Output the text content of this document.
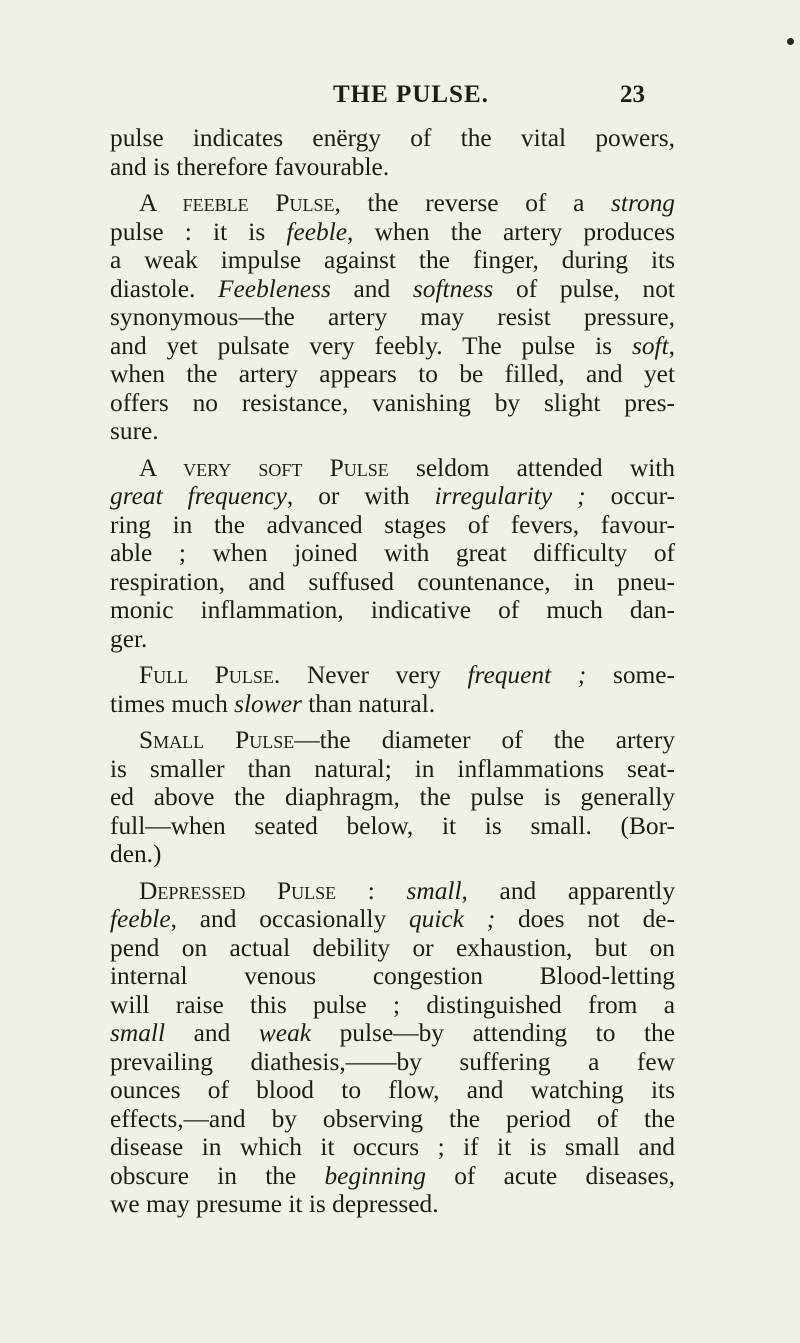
THE PULSE.	23
pulse indicates enërgy of the vital powers,
and is therefore favourable.
A feeble Pulse, the reverse of a strong
pulse : it is feeble, when the artery produces
a weak impulse against the finger, during its
diastole. Feebleness and softness of pulse, not
synonymous—the artery may resist pressure,
and yet pulsate very feebly. The pulse is soft,
when the artery appears to be filled, and yet
offers no resistance, vanishing by slight pres-
sure.
A very soft Pulse seldom attended with
great frequency, or with irregularity ; occur-
ring in the advanced stages of fevers, favour-
able ; when joined with great difficulty of
respiration, and suffused countenance, in pneu-
monic inflammation, indicative of much dan-
ger.
Full Pulse. Never very frequent ; some-
times much slower than natural.
Small Pulse—the diameter of the artery
is smaller than natural; in inflammations seat-
ed above the diaphragm, the pulse is generally
full—when seated below, it is small. (Bor-
den.)
Depressed Pulse : small, and apparently
feeble, and occasionally quick ; does not de-
pend on actual debility or exhaustion, but on
internal venous congestion Blood-letting
will raise this pulse ; distinguished from a
small and weak pulse—by attending to the
prevailing diathesis,——by suffering a few
ounces of blood to flow, and watching its
effects,—and by observing the period of the
disease in which it occurs ; if it is small and
obscure in the beginning of acute diseases,
we may presume it is depressed.
